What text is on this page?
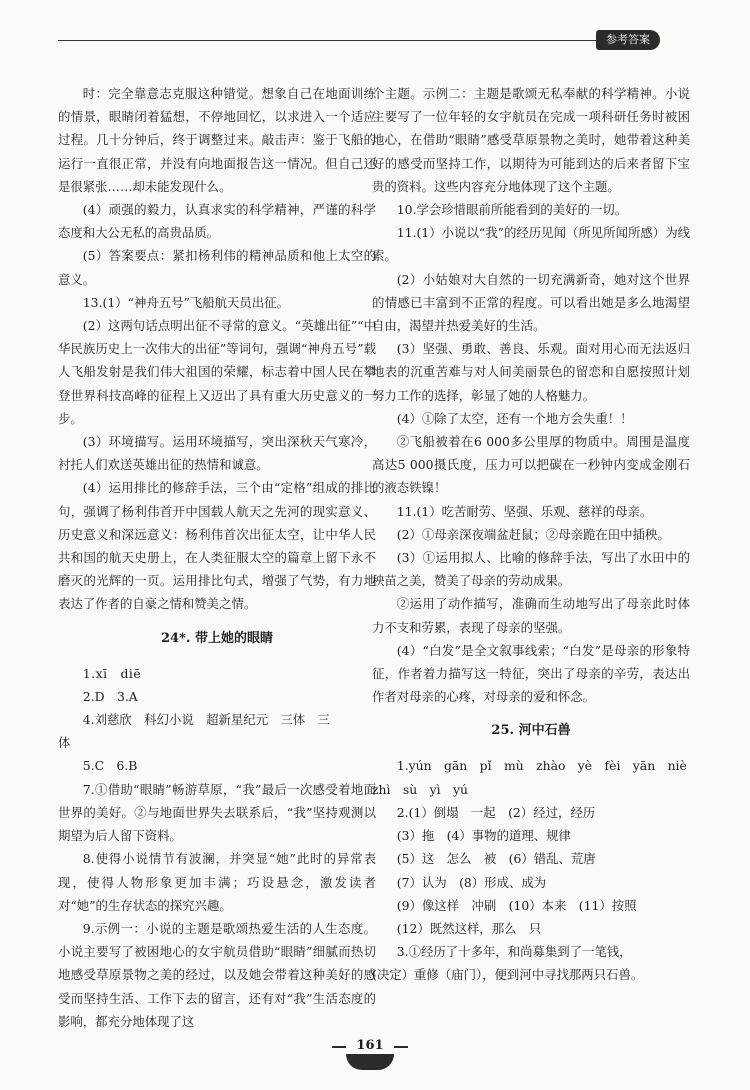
参考答案

时：完全靠意志克服这种错觉。想象自己在地面训练的情景，眼睛闭着猛想，不停地回忆，以求进入一个适应过程。几十分钟后，终于调整过来。敲击声：鉴于飞船的运行一直很正常，并没有向地面报告这一情况。但自己还是很紧张……却未能发现什么。

(4）顽强的毅力，认真求实的科学精神，严谨的科学态度和大公无私的高贵品质。

(5）答案要点：紧扣杨利伟的精神品质和他上太空的意义。

13.(1）“神舟五号”飞船航天员出征。

(2）这两句话点明出征不寻常的意义。“英雄出征”“中华民族历史上一次伟大的出征”等词句，强调“神舟五号”载人飞船发射是我们伟大祖国的荣耀，标志着中国人民在攀登世界科技高峰的征程上又迈出了具有重大历史意义的一步。

(3）环境描写。运用环境描写，突出深秋天气寒冷，衬托人们欢送英雄出征的热情和诚意。

(4）运用排比的修辞手法，三个由“定格”组成的排比句，强调了杨利伟首开中国载人航天之先河的现实意义、历史意义和深远意义：杨利伟首次出征太空，让中华人民共和国的航天史册上，在人类征服太空的篇章上留下永不磨灭的光辉的一页。运用排比句式，增强了气势，有力地表达了作者的自豪之情和赞美之情。

24*. 带上她的眼睛

1.xī　diē

2.D　3.A

4.刘慈欣　科幻小说　超新星纪元　三体　三

体

5.C　6.B

7.①借助“眼睛”畅游草原，“我”最后一次感受着地面世界的美好。②与地面世界失去联系后，“我”坚持观测以期望为后人留下资料。

8.使得小说情节有波澜，并突显“她”此时的异常表现，使得人物形象更加丰满；巧设悬念，激发读者对“她”的生存状态的探究兴趣。

9.示例一：小说的主题是歌颂热爱生活的人生态度。小说主要写了被困地心的女宇航员借助“眼睛”细腻而热切地感受草原景物之美的经过，以及她会带着这种美好的感受而坚持生活、工作下去的留言，还有对“我”生活态度的影响，都充分地体现了这

个主题。示例二：主题是歌颂无私奉献的科学精神。小说主要写了一位年轻的女宇航员在完成一项科研任务时被困地心，在借助“眼睛”感受草原景物之美时，她带着这种美好的感受而坚持工作，以期待为可能到达的后来者留下宝贵的资料。这些内容充分地体现了这个主题。

10.学会珍惜眼前所能看到的美好的一切。

11.(1）小说以“我”的经历见闻（所见所闻所感）为线索。

(2）小姑娘对大自然的一切充满新奇，她对这个世界的情感已丰富到不正常的程度。可以看出她是多么地渴望自由，渴望并热爱美好的生活。

(3）坚强、勇敢、善良、乐观。面对用心而无法返归地表的沉重苦难与对人间美丽景色的留恋和自愿按照计划努力工作的选择，彰显了她的人格魅力。

(4）①除了太空，还有一个地方会失重！！

②飞船被着在6 000多公里厚的物质中。周围是温度高达5 000摄氏度，压力可以把碳在一秒钟内变成金刚石的液态铁镍！

11.(1）吃苦耐劳、坚强、乐观、慈祥的母亲。

(2）①母亲深夜端盆赶鼠；②母亲跪在田中插秧。

(3）①运用拟人、比喻的修辞手法，写出了水田中的秧苗之美，赞美了母亲的劳动成果。

②运用了动作描写，准确而生动地写出了母亲此时体力不支和劳累，表现了母亲的坚强。

(4）“白发”是全文叙事线索；“白发”是母亲的形象特征，作者着力描写这一特征，突出了母亲的辛劳，表达出作者对母亲的心疼，对母亲的爱和怀念。

25. 河中石兽

1.yún　gān　pǐ　mù　zhào　yè　fèi　yān　niè

zhì　sù　yì　yú

2.(1）倒塌　一起　(2）经过，经历

(3）拖　(4）事物的道理、规律

(5）这　怎么　被　(6）错乱、荒唐

(7）认为　(8）形成、成为

(9）像这样　冲刷　(10）本来　(11）按照

(12）既然这样，那么　只

3.①经历了十多年，和尚募集到了一笔钱，

(决定）重修（庙门），便到河中寻找那两只石兽。

161
